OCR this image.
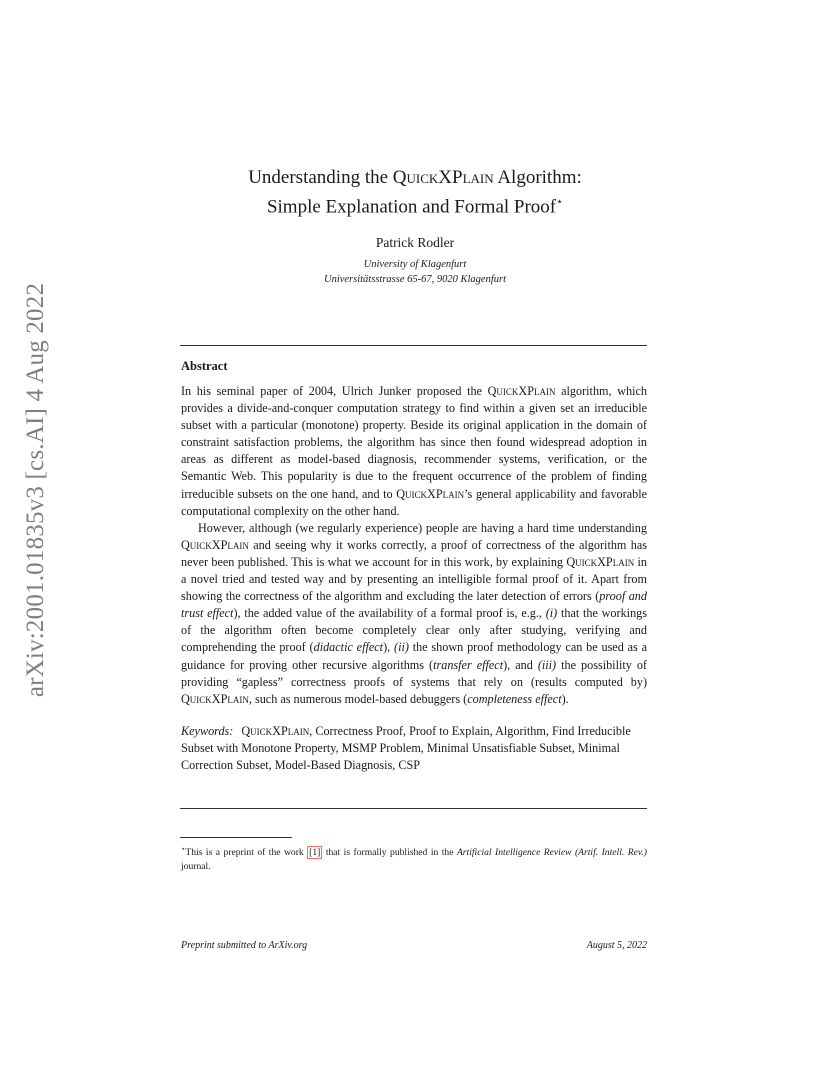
arXiv:2001.01835v3 [cs.AI] 4 Aug 2022
Understanding the QuickXPlain Algorithm:
Simple Explanation and Formal Proof⋆
Patrick Rodler
University of Klagenfurt
Universitätsstrasse 65-67, 9020 Klagenfurt
Abstract

In his seminal paper of 2004, Ulrich Junker proposed the QuickXPlain algorithm, which provides a divide-and-conquer computation strategy to find within a given set an irreducible subset with a particular (monotone) property. Beside its original application in the domain of constraint satisfaction problems, the algorithm has since then found widespread adoption in areas as different as model-based diagnosis, recommender systems, verification, or the Semantic Web. This popularity is due to the frequent occurrence of the problem of finding irreducible subsets on the one hand, and to QuickXPlain’s general applicability and favorable computational complexity on the other hand.

However, although (we regularly experience) people are having a hard time understanding QuickXPlain and seeing why it works correctly, a proof of correctness of the algorithm has never been published. This is what we account for in this work, by explaining QuickXPlain in a novel tried and tested way and by presenting an intelligible formal proof of it. Apart from showing the correctness of the algorithm and excluding the later detection of errors (proof and trust effect), the added value of the availability of a formal proof is, e.g., (i) that the workings of the algorithm often become completely clear only after studying, verifying and comprehending the proof (didactic effect), (ii) the shown proof methodology can be used as a guidance for proving other recursive algorithms (transfer effect), and (iii) the possibility of providing “gapless” correctness proofs of systems that rely on (results computed by) QuickXPlain, such as numerous model-based debuggers (completeness effect).

Keywords: QuickXPlain, Correctness Proof, Proof to Explain, Algorithm, Find Irreducible Subset with Monotone Property, MSMP Problem, Minimal Unsatisfiable Subset, Minimal Correction Subset, Model-Based Diagnosis, CSP
⋆This is a preprint of the work [1] that is formally published in the Artificial Intelligence Review (Artif. Intell. Rev.) journal.
Preprint submitted to ArXiv.org	August 5, 2022
